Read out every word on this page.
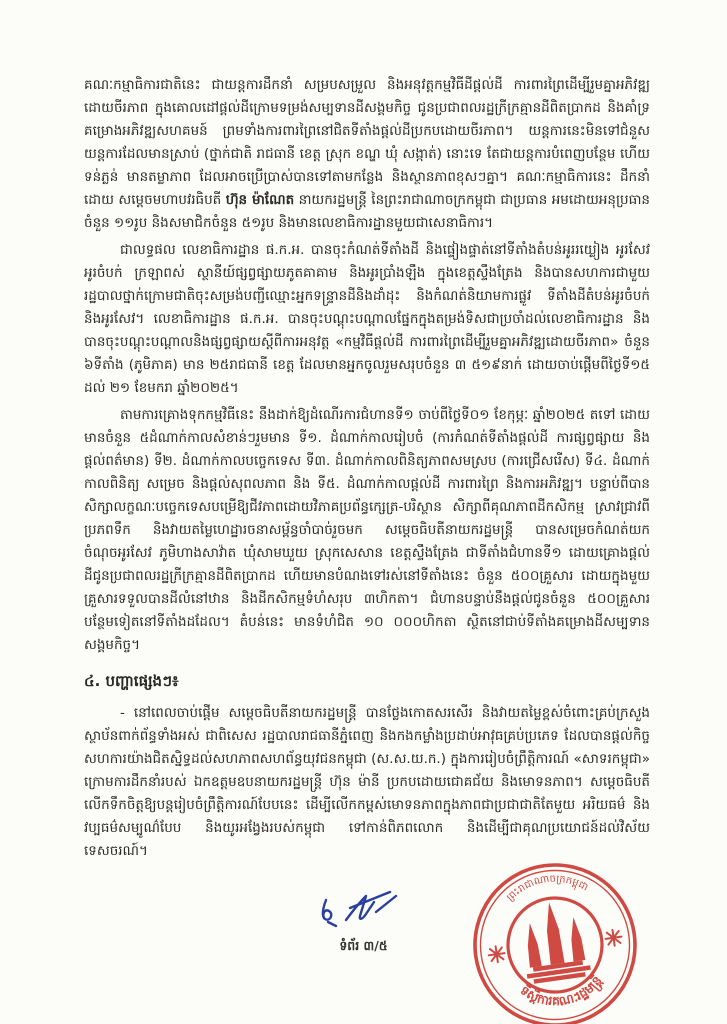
គណៈកម្មាធិការជាតិនេះ ជាយន្តការដឹកនាំ សម្របសម្រួល និងអនុវត្តកម្មវិធីដីផ្តល់ដី ការពារព្រៃដើម្បីរួមគ្នាអភិវឌ្ឍដោយចីរភាព ក្នុងគោលដៅផ្តល់ដីក្រោមទម្រង់សម្បទានដីសង្គមកិច្ច ជូនប្រជាពលរដ្ឋក្រីក្រគ្មានដីពិតប្រាកដ និងគាំទ្រគម្រោងអភិវឌ្ឍសហគមន៍ ព្រមទាំងការពារព្រៃនៅជិតទីតាំងផ្តល់ដីប្រកបដោយចីរភាព។ យន្តការនេះមិនទៅជំនួសយន្តការដែលមានស្រាប់ (ថ្នាក់ជាតិ រាជធានី ខេត្ត ស្រុក ខណ្ឌ ឃុំ សង្កាត់) នោះទេ តែជាយន្តការបំពេញបន្ថែម ហើយទន់ភ្លន់ មានតម្លាភាព ដែលអាចប្រើប្រាស់បានទៅតាមកន្លែង និងស្ថានភាពខុសៗគ្នា។ គណៈកម្មាធិការនេះ ដឹកនាំដោយ សម្តេចមហាបវរធិបតី ហ៊ុន ម៉ាណែត នាយករដ្ឋមន្ត្រី នៃព្រះរាជាណាចក្រកម្ពុជា ជាប្រធាន អមដោយអនុប្រធានចំនួន ១១រូប និងសមាជិកចំនួន ៥១រូប និងមានលេខាធិការដ្ឋានមួយជាសេនាធិការ។

ជាលទ្ធផល លេខាធិការដ្ឋាន ផ.ក.អ. បានចុះកំណត់ទីតាំងដី និងផ្ទៀងផ្ទាត់នៅទីតាំងតំបន់អូររយ្លៀង អូរសែវ អូរចំបក់ ក្រឡាពស់ ស្ថានីយ៍ផ្សព្វផ្សាយភូតគាគាម និងអូរប្រាំងឡឹង ក្នុងខេត្តស្ទឹងត្រែង និងបានសហការជាមួយរដ្ឋបាលថ្នាក់ក្រោមជាតិចុះសម្រង់បញ្ជីឈ្មោះអ្នកទន្ទ្រានដីនិងដាំដុះ និងកំណត់និយាមការផ្លូវ ទីតាំងដីតំបន់អូរចំបក់ និងអូរសែវ។ លេខាធិការដ្ឋាន ផ.ក.អ. បានចុះបណ្តុះបណ្តាលផ្នែកក្នុងតម្រង់ទិសជាប្រចាំដល់លេខាធិការដ្ឋាន និងបានចុះបណ្តុះបណ្តាលនិងផ្សព្វផ្សាយស្តីពីការអនុវត្ត «កម្មវិធីផ្តល់ដី ការពារព្រៃដើម្បីរួមគ្នាអភិវឌ្ឍដោយចីរភាព» ចំនួន ៦ទីតាំង (ភូមិភាគ) មាន ២៥រាជធានី ខេត្ត ដែលមានអ្នកចូលរួមសរុបចំនួន ៣ ៥១៩នាក់ ដោយចាប់ផ្តើមពីថ្ងៃទី១៥ ដល់ ២១ ខែមករា ឆ្នាំ២០២៥។

តាមការគ្រោងទុកកម្មវិធីនេះ នឹងដាក់ឱ្យដំណើរការជំហានទី១ ចាប់ពីថ្ងៃទី០១ ខែកុម្ភៈ ឆ្នាំ២០២៥ តទៅ ដោយមានចំនួន ៥ដំណាក់កាលសំខាន់ៗរួមមាន ទី១. ដំណាក់កាលរៀបចំ (ការកំណត់ទីតាំងផ្តល់ដី ការផ្សព្វផ្សាយ និងផ្តល់ពត៌មាន) ទី២. ដំណាក់កាលបច្ចេកទេស ទី៣. ដំណាក់កាលពិនិត្យភាពសមស្រប (ការជ្រើសរើស) ទី៤. ដំណាក់កាលពិនិត្យ សម្រេច និងផ្តល់សុពលភាព និង ទី៥. ដំណាក់កាលផ្តល់ដី ការពារព្រៃ និងការអភិវឌ្ឍ។ បន្ទាប់ពីបានសិក្សាលក្ខណៈបច្ចេកទេសបម្រើឱ្យជីវភាពដោយវិភាគប្រព័ន្ធក្សេត្រ-បរិស្ថាន សិក្សាពីគុណភាពដីកសិកម្ម ស្រាវជ្រាវពីប្រភពទឹក និងវាយតម្លៃហេដ្ឋារចនាសម្ព័ន្ធចាំបាច់រួចមក សម្តេចធិបតីនាយករដ្ឋមន្ត្រី បានសម្រេចកំណត់យកចំណុចអូរសែវ ភូមិហាងសាវ៉ាត ឃុំសាមឃួយ ស្រុកសេសាន ខេត្តស្ទឹងត្រែង ជាទីតាំងជំហានទី១ ដោយគ្រោងផ្តល់ដីជូនប្រជាពលរដ្ឋក្រីក្រគ្មានដីពិតប្រាកដ ហើយមានបំណងទៅរស់នៅទីតាំងនេះ ចំនួន ៥០០គ្រួសារ ដោយក្នុងមួយគ្រួសារទទួលបានដីលំនៅឋាន និងដីកសិកម្មទំហំសរុប ៣ហិកតា។ ជំហានបន្ទាប់នឹងផ្តល់ជូនចំនួន ៥០០គ្រួសារ បន្ថែមទៀតនៅទីតាំងដដែល។ តំបន់នេះ មានទំហំជិត ១០ ០០០ហិកតា ស្ថិតនៅជាប់ទីតាំងគម្រោងដីសម្បទានសង្គមកិច្ច។

៤. បញ្ហាផ្សេងៗ៖

- នៅពេលចាប់ផ្តើម សម្តេចធិបតីនាយករដ្ឋមន្ត្រី បានថ្លែងកោតសរសើរ និងវាយតម្លៃខ្ពស់ចំពោះគ្រប់ក្រសួង ស្ថាប័នពាក់ព័ន្ធទាំងអស់ ជាពិសេស រដ្ឋបាលរាជធានីភ្នំពេញ និងកងកម្លាំងប្រដាប់អាវុធគ្រប់ប្រភេទ ដែលបានផ្តល់កិច្ចសហការយ៉ាងជិតស្និទ្ធដល់សហភាពសហព័ន្ធយុវជនកម្ពុជា (ស.ស.យ.ក.) ក្នុងការរៀបចំព្រឹត្តិការណ៍ «សាទរកម្ពុជា» ក្រោមការដឹកនាំរបស់ ឯកឧត្តមឧបនាយករដ្ឋមន្ត្រី ហ៊ុន ម៉ានី ប្រកបដោយជោគជ័យ និងមោទនភាព។ សម្តេចធិបតី លើកទឹកចិត្តឱ្យបន្តរៀបចំព្រឹត្តិការណ៍បែបនេះ ដើម្បីលើកកម្ពស់មោទនភាពក្នុងភាពជាប្រជាជាតិតែមួយ អរិយធម៌ និងវប្បធម៌សម្បូណ៌បែប និងយូរអង្វែងរបស់កម្ពុជា ទៅកាន់ពិភពលោក និងដើម្បីជាគុណប្រយោជន៍ដល់វិស័យទេសចរណ៍។

ព្រះរាជាណាចក្រកម្ពុជា
ទីស្តីការគណៈរដ្ឋមន្ត្រី
ទំព័រ ៣/៥
